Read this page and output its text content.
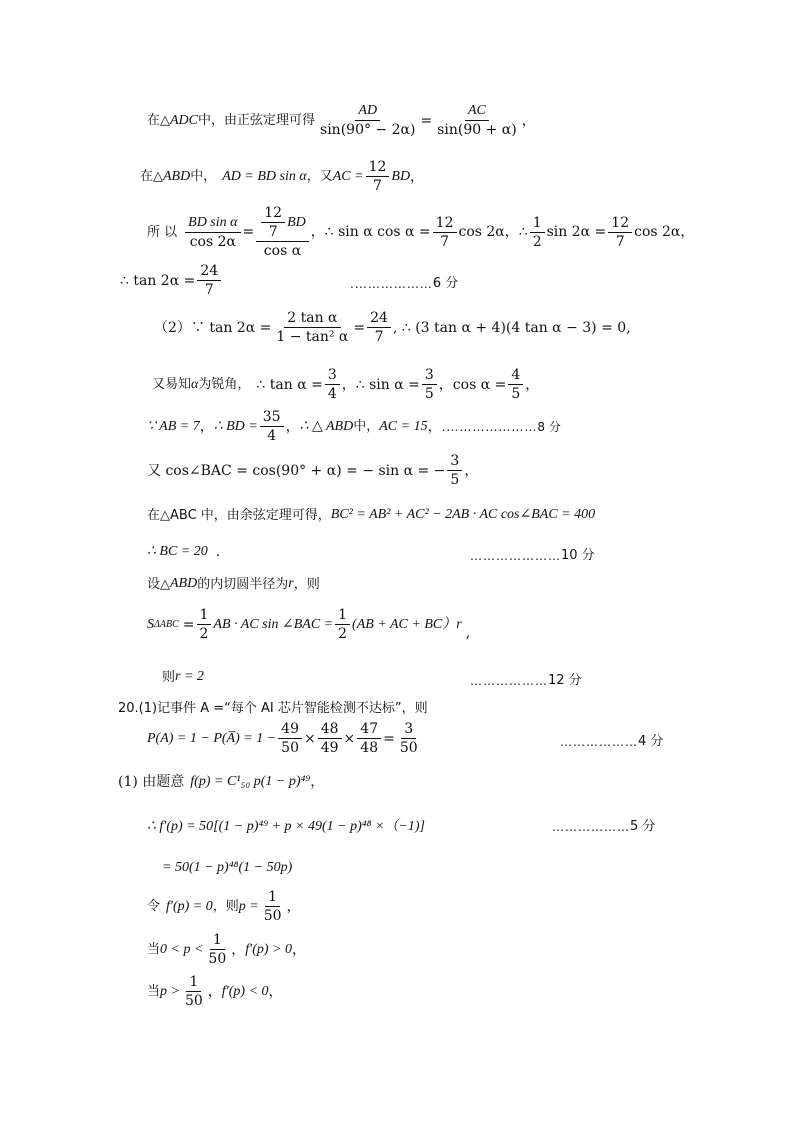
在△ ADC 中，由正弦定理可得 $\frac{AD}{\sin(90^\circ - 2\alpha)} = \frac{AC}{\sin(90 + \alpha)}$ ，
在△ ABD 中， AD = BD sin α ，又 AC = $\frac{12}{7}$ BD ，
所 以 $\frac{\text{BD sin α}}{\cos 2\alpha} = \frac{\frac{12}{7} BD}{\text{cos α}}$ ， ∴ sin α $\cos \alpha = \frac{12}{7}$ cos 2α ， ∴ $\frac{1}{2}$ $\sin 2\alpha = \frac{12}{7}$ cos 2α ，
∴ $\tan 2\alpha = \frac{24}{7}$	.……………… 6 分
（2）∵ $\tan 2\alpha = \frac{\text{2 tan α}}{\text{1 − tan² α}} = \frac{24}{7}$ , ∴ (3 tan α + 4)(4 tan α − 3) = 0 ,
又易知 α 为锐角， ∴ $\tan \alpha = \frac{3}{4}$ ， ∴ $\sin \alpha = \frac{3}{5}$ ， $\cos \alpha = \frac{4}{5}$ ，
∵ AB = 7 ， ∴ BD = $\frac{35}{4}$ ， ∴ △ ABD 中， AC = 15 ， .………………… 8 分
又 cos∠BAC = cos(90° + α) = − sin α = − $\frac{3}{5}$ ，
在△ABC 中，由余弦定理可得， BC² = AB² + AC² − 2AB · AC cos∠BAC = 400
∴ BC = 20 .	………………… 10 分
设△ ABD 的内切圆半径为 r ，则
S $\Delta ABC = \frac{1}{2}$ AB · AC sin ∠BAC = $\frac{1}{2} (AB$ + AC + BC）r
,
则 r = 2	……………… 12 分
20.(1)记事件 A =“每个 AI 芯片智能检测不达标”，则
P(A) = 1 − P(A̅) = $1 - \frac{49}{50} \times \frac{48}{49} \times \frac{47}{48} = \frac{3}{50}$	……………… 4 分
(1) 由题意 f(p) = C¹₅₀ p(1 − p)⁴⁹ ，
∴ f′(p) = 50[(1 − p)⁴⁹ + p × 49(1 − p)⁴⁸ ×（−1)]	……………… 5 分
= 50(1 − p)⁴⁸(1 − 50p)
令 f′(p) = 0 ，则 $p = \frac{1}{50}$ ，
当 $0 < p < \frac{1}{50}$ ， f′(p) > 0 ，
当 $p > \frac{1}{50}$ ， f′(p) < 0 ，
